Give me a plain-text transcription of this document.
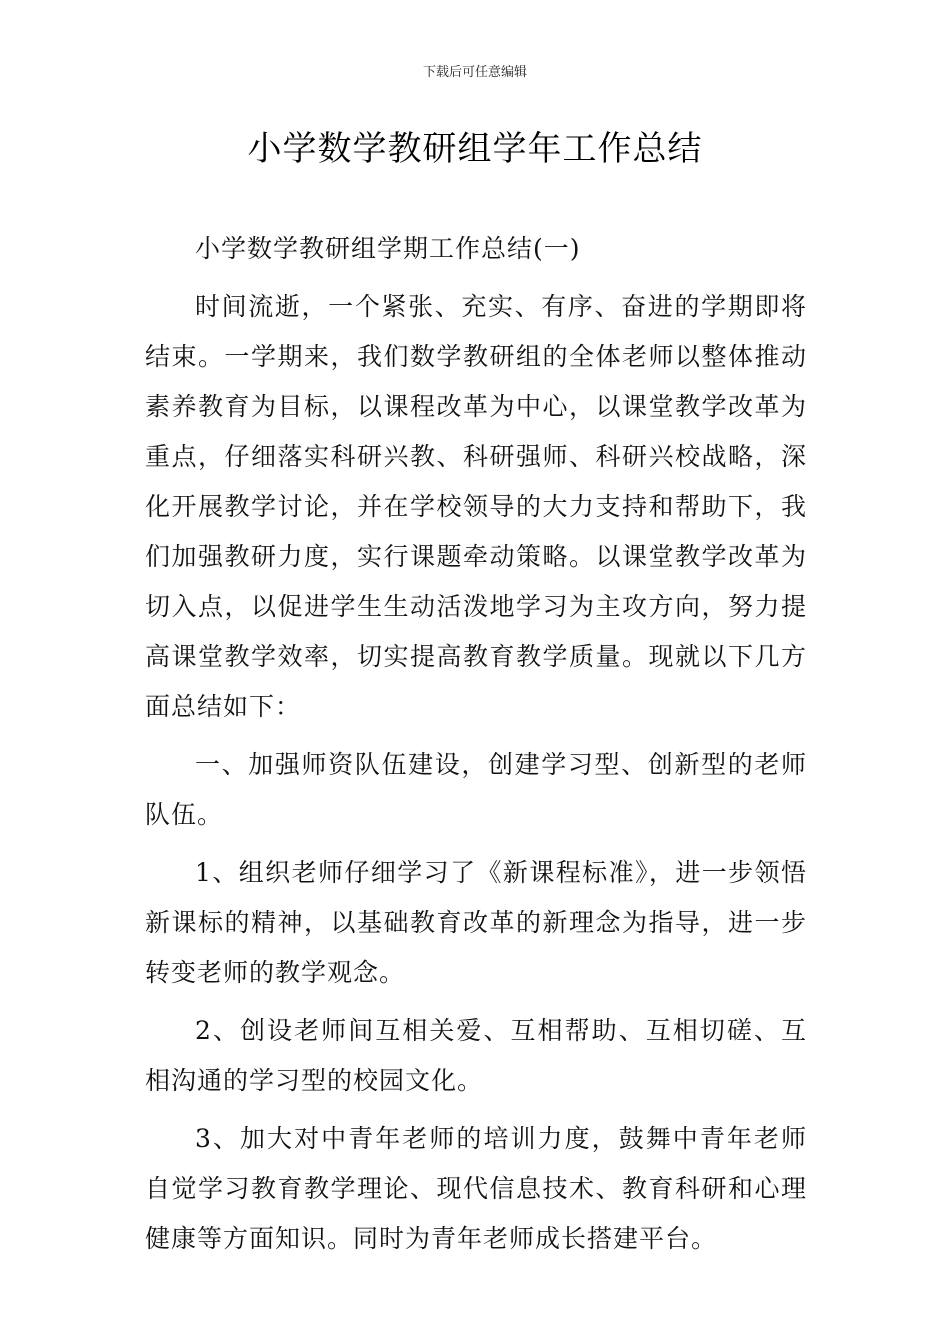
下载后可任意编辑
小学数学教研组学年工作总结

小学数学教研组学期工作总结(一)

时间流逝，一个紧张、充实、有序、奋进的学期即将结束。一学期来，我们数学教研组的全体老师以整体推动素养教育为目标，以课程改革为中心，以课堂教学改革为重点，仔细落实科研兴教、科研强师、科研兴校战略，深化开展教学讨论，并在学校领导的大力支持和帮助下，我们加强教研力度，实行课题牵动策略。以课堂教学改革为切入点，以促进学生生动活泼地学习为主攻方向，努力提高课堂教学效率，切实提高教育教学质量。现就以下几方面总结如下：

一、加强师资队伍建设，创建学习型、创新型的老师队伍。

1、组织老师仔细学习了《新课程标准》，进一步领悟新课标的精神，以基础教育改革的新理念为指导，进一步转变老师的教学观念。

2、创设老师间互相关爱、互相帮助、互相切磋、互相沟通的学习型的校园文化。

3、加大对中青年老师的培训力度，鼓舞中青年老师自觉学习教育教学理论、现代信息技术、教育科研和心理健康等方面知识。同时为青年老师成长搭建平台。
